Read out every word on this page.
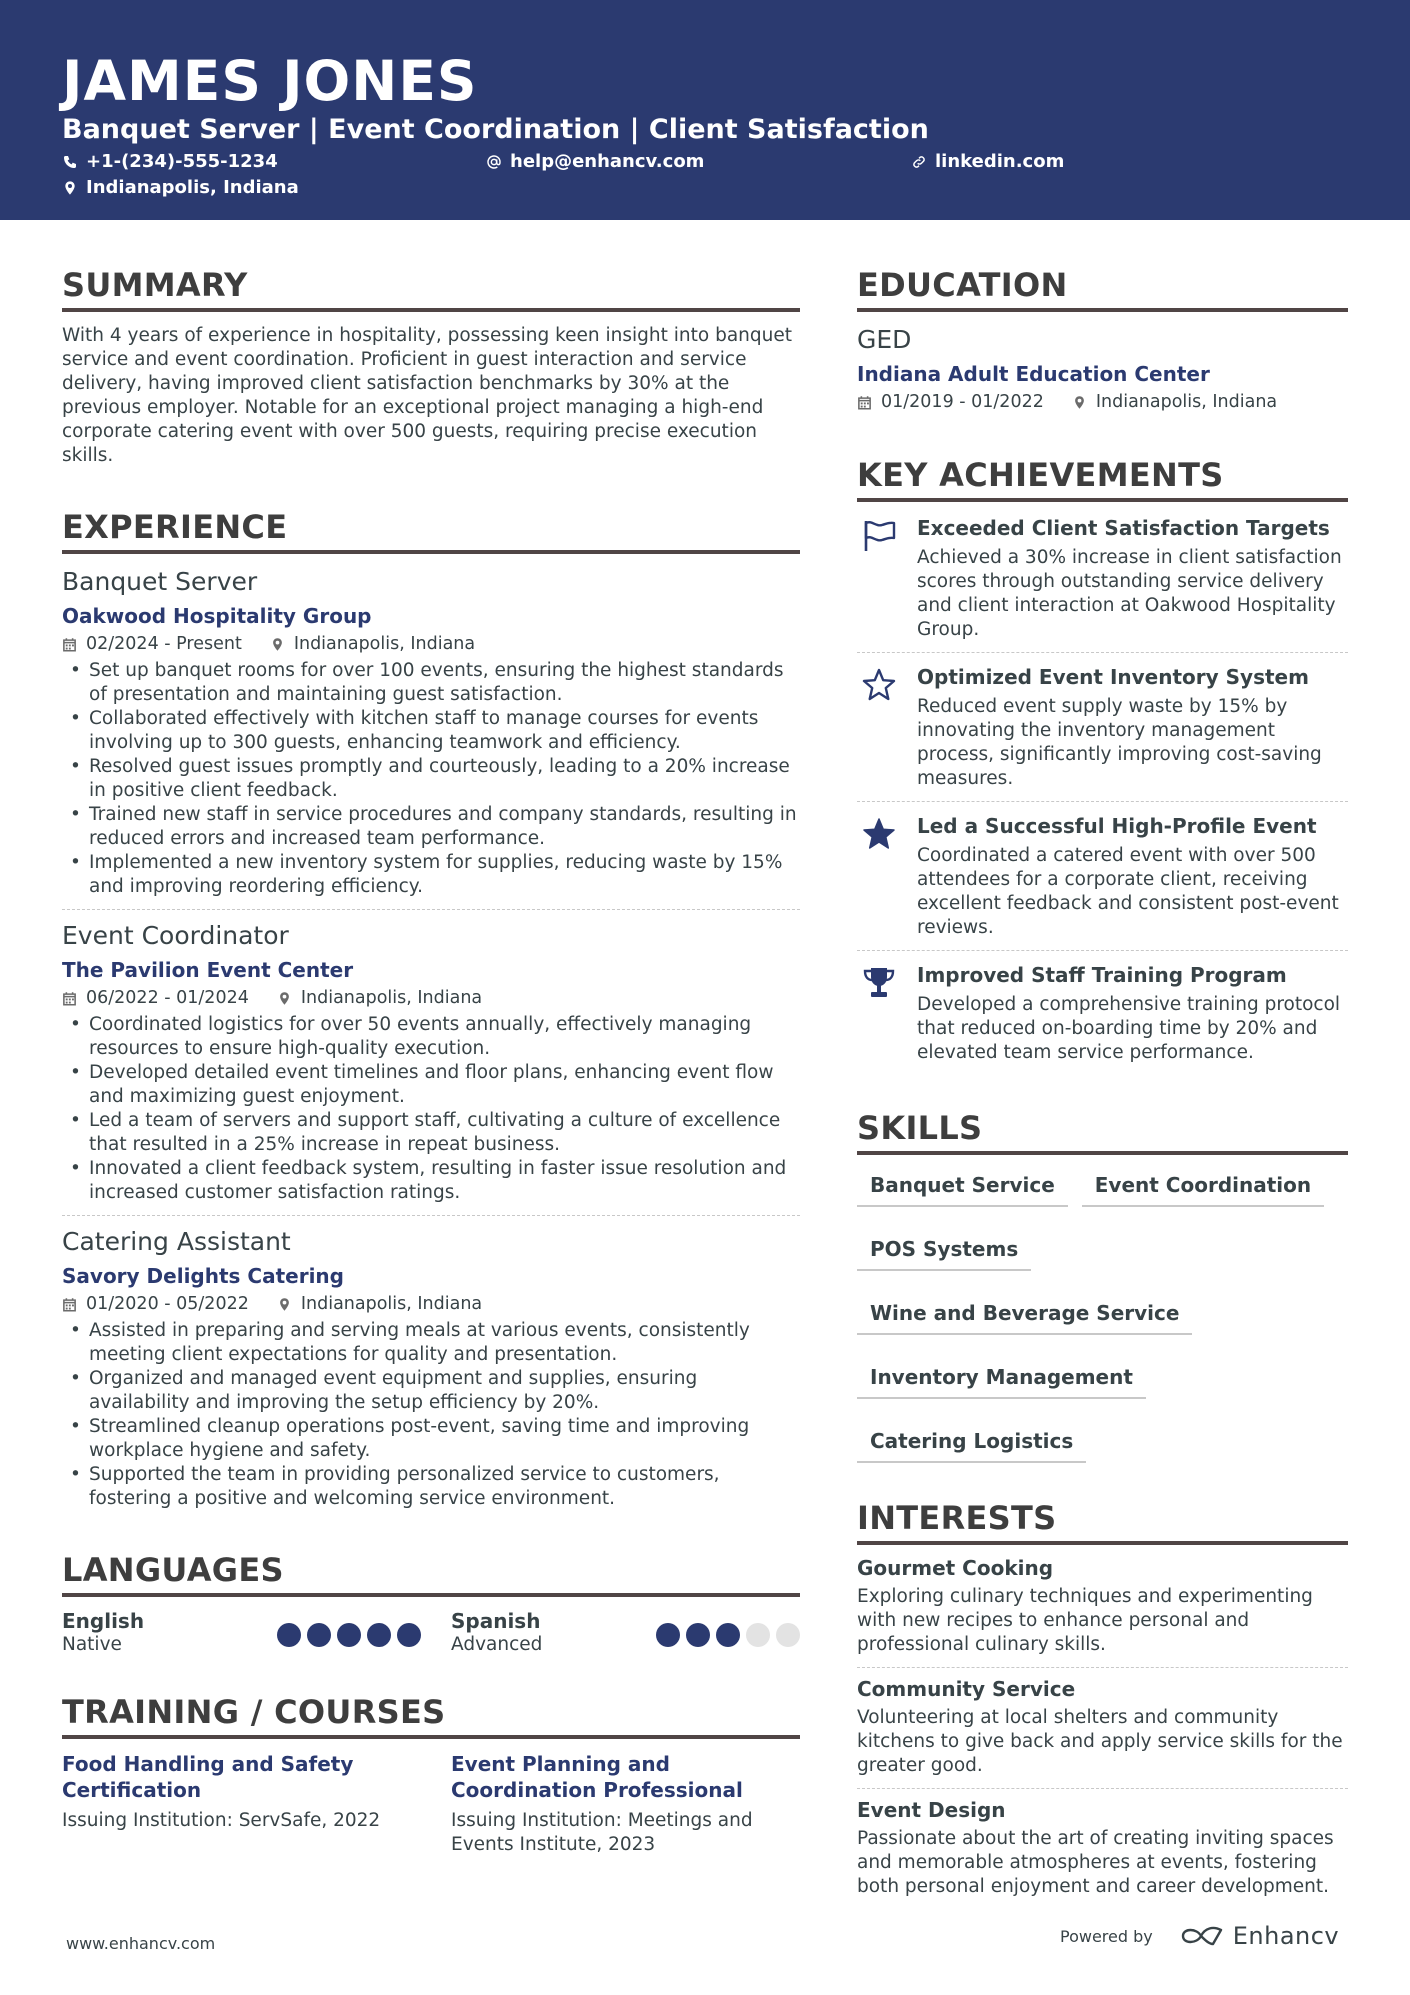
JAMES JONES
Banquet Server | Event Coordination | Client Satisfaction
+1-(234)-555-1234	help@enhancv.com	linkedin.com
Indianapolis, Indiana
SUMMARY
With 4 years of experience in hospitality, possessing keen insight into banquet service and event coordination. Proficient in guest interaction and service delivery, having improved client satisfaction benchmarks by 30% at the previous employer. Notable for an exceptional project managing a high-end corporate catering event with over 500 guests, requiring precise execution skills.
EXPERIENCE
Banquet Server
Oakwood Hospitality Group
02/2024 - Present	Indianapolis, Indiana
• Set up banquet rooms for over 100 events, ensuring the highest standards of presentation and maintaining guest satisfaction.
• Collaborated effectively with kitchen staff to manage courses for events involving up to 300 guests, enhancing teamwork and efficiency.
• Resolved guest issues promptly and courteously, leading to a 20% increase in positive client feedback.
• Trained new staff in service procedures and company standards, resulting in reduced errors and increased team performance.
• Implemented a new inventory system for supplies, reducing waste by 15% and improving reordering efficiency.
Event Coordinator
The Pavilion Event Center
06/2022 - 01/2024	Indianapolis, Indiana
• Coordinated logistics for over 50 events annually, effectively managing resources to ensure high-quality execution.
• Developed detailed event timelines and floor plans, enhancing event flow and maximizing guest enjoyment.
• Led a team of servers and support staff, cultivating a culture of excellence that resulted in a 25% increase in repeat business.
• Innovated a client feedback system, resulting in faster issue resolution and increased customer satisfaction ratings.
Catering Assistant
Savory Delights Catering
01/2020 - 05/2022	Indianapolis, Indiana
• Assisted in preparing and serving meals at various events, consistently meeting client expectations for quality and presentation.
• Organized and managed event equipment and supplies, ensuring availability and improving the setup efficiency by 20%.
• Streamlined cleanup operations post-event, saving time and improving workplace hygiene and safety.
• Supported the team in providing personalized service to customers, fostering a positive and welcoming service environment.
LANGUAGES
English
Native
Spanish
Advanced
TRAINING / COURSES
Food Handling and Safety Certification
Issuing Institution: ServSafe, 2022
Event Planning and Coordination Professional
Issuing Institution: Meetings and Events Institute, 2023
EDUCATION
GED
Indiana Adult Education Center
01/2019 - 01/2022	Indianapolis, Indiana
KEY ACHIEVEMENTS
Exceeded Client Satisfaction Targets
Achieved a 30% increase in client satisfaction scores through outstanding service delivery and client interaction at Oakwood Hospitality Group.
Optimized Event Inventory System
Reduced event supply waste by 15% by innovating the inventory management process, significantly improving cost-saving measures.
Led a Successful High-Profile Event
Coordinated a catered event with over 500 attendees for a corporate client, receiving excellent feedback and consistent post-event reviews.
Improved Staff Training Program
Developed a comprehensive training protocol that reduced on-boarding time by 20% and elevated team service performance.
SKILLS
Banquet Service	Event Coordination
POS Systems
Wine and Beverage Service
Inventory Management
Catering Logistics
INTERESTS
Gourmet Cooking
Exploring culinary techniques and experimenting with new recipes to enhance personal and professional culinary skills.
Community Service
Volunteering at local shelters and community kitchens to give back and apply service skills for the greater good.
Event Design
Passionate about the art of creating inviting spaces and memorable atmospheres at events, fostering both personal enjoyment and career development.
www.enhancv.com	Powered by	Enhancv
